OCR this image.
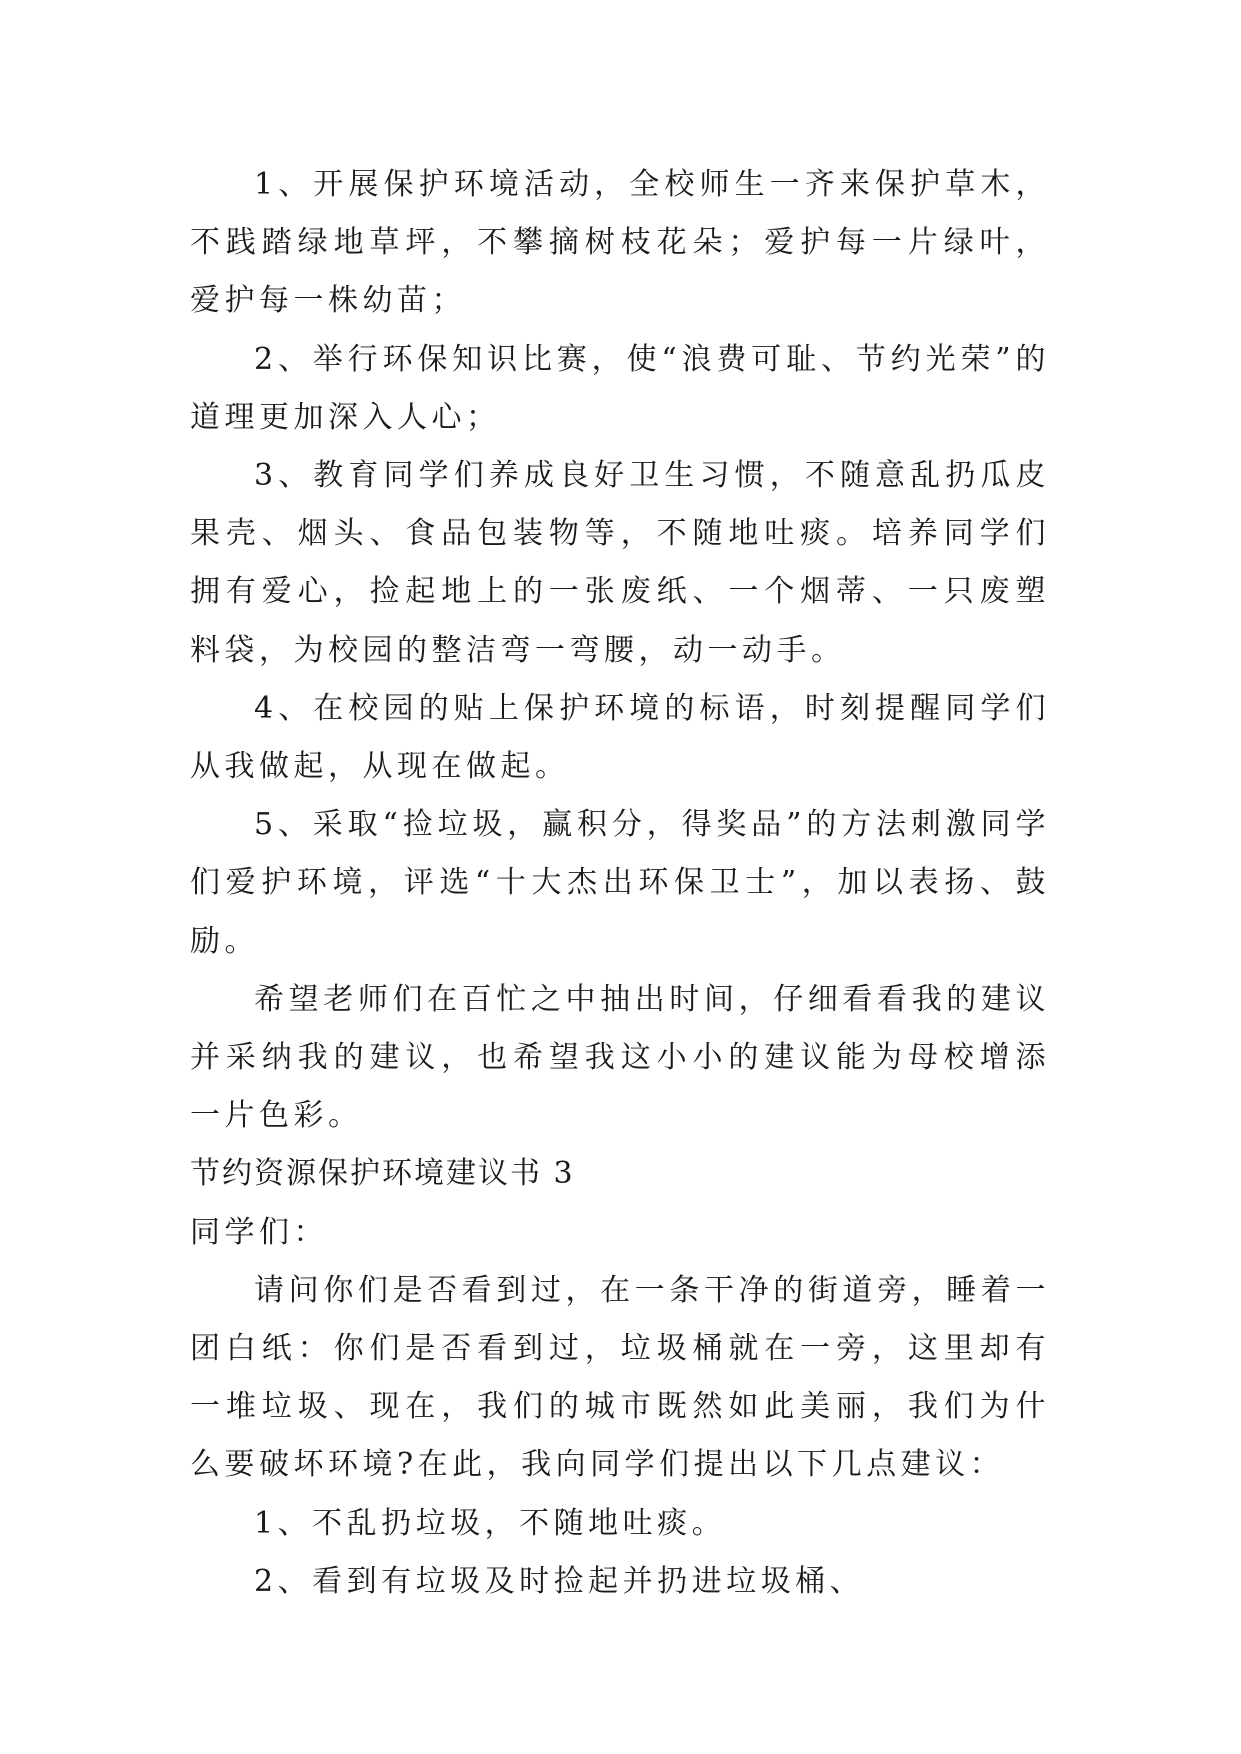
1、开展保护环境活动，全校师生一齐来保护草木，不践踏绿地草坪，不攀摘树枝花朵；爱护每一片绿叶，爱护每一株幼苗；

2、举行环保知识比赛，使“浪费可耻、节约光荣”的道理更加深入人心；

3、教育同学们养成良好卫生习惯，不随意乱扔瓜皮果壳、烟头、食品包装物等，不随地吐痰。培养同学们拥有爱心，捡起地上的一张废纸、一个烟蒂、一只废塑料袋，为校园的整洁弯一弯腰，动一动手。

4、在校园的贴上保护环境的标语，时刻提醒同学们从我做起，从现在做起。

5、采取“捡垃圾，赢积分，得奖品”的方法刺激同学们爱护环境，评选“十大杰出环保卫士”，加以表扬、鼓励。

希望老师们在百忙之中抽出时间，仔细看看我的建议并采纳我的建议，也希望我这小小的建议能为母校增添一片色彩。

节约资源保护环境建议书 3

同学们：

请问你们是否看到过，在一条干净的街道旁，睡着一团白纸：你们是否看到过，垃圾桶就在一旁，这里却有一堆垃圾、现在，我们的城市既然如此美丽，我们为什么要破坏环境?在此，我向同学们提出以下几点建议：

1、不乱扔垃圾，不随地吐痰。

2、看到有垃圾及时捡起并扔进垃圾桶、
